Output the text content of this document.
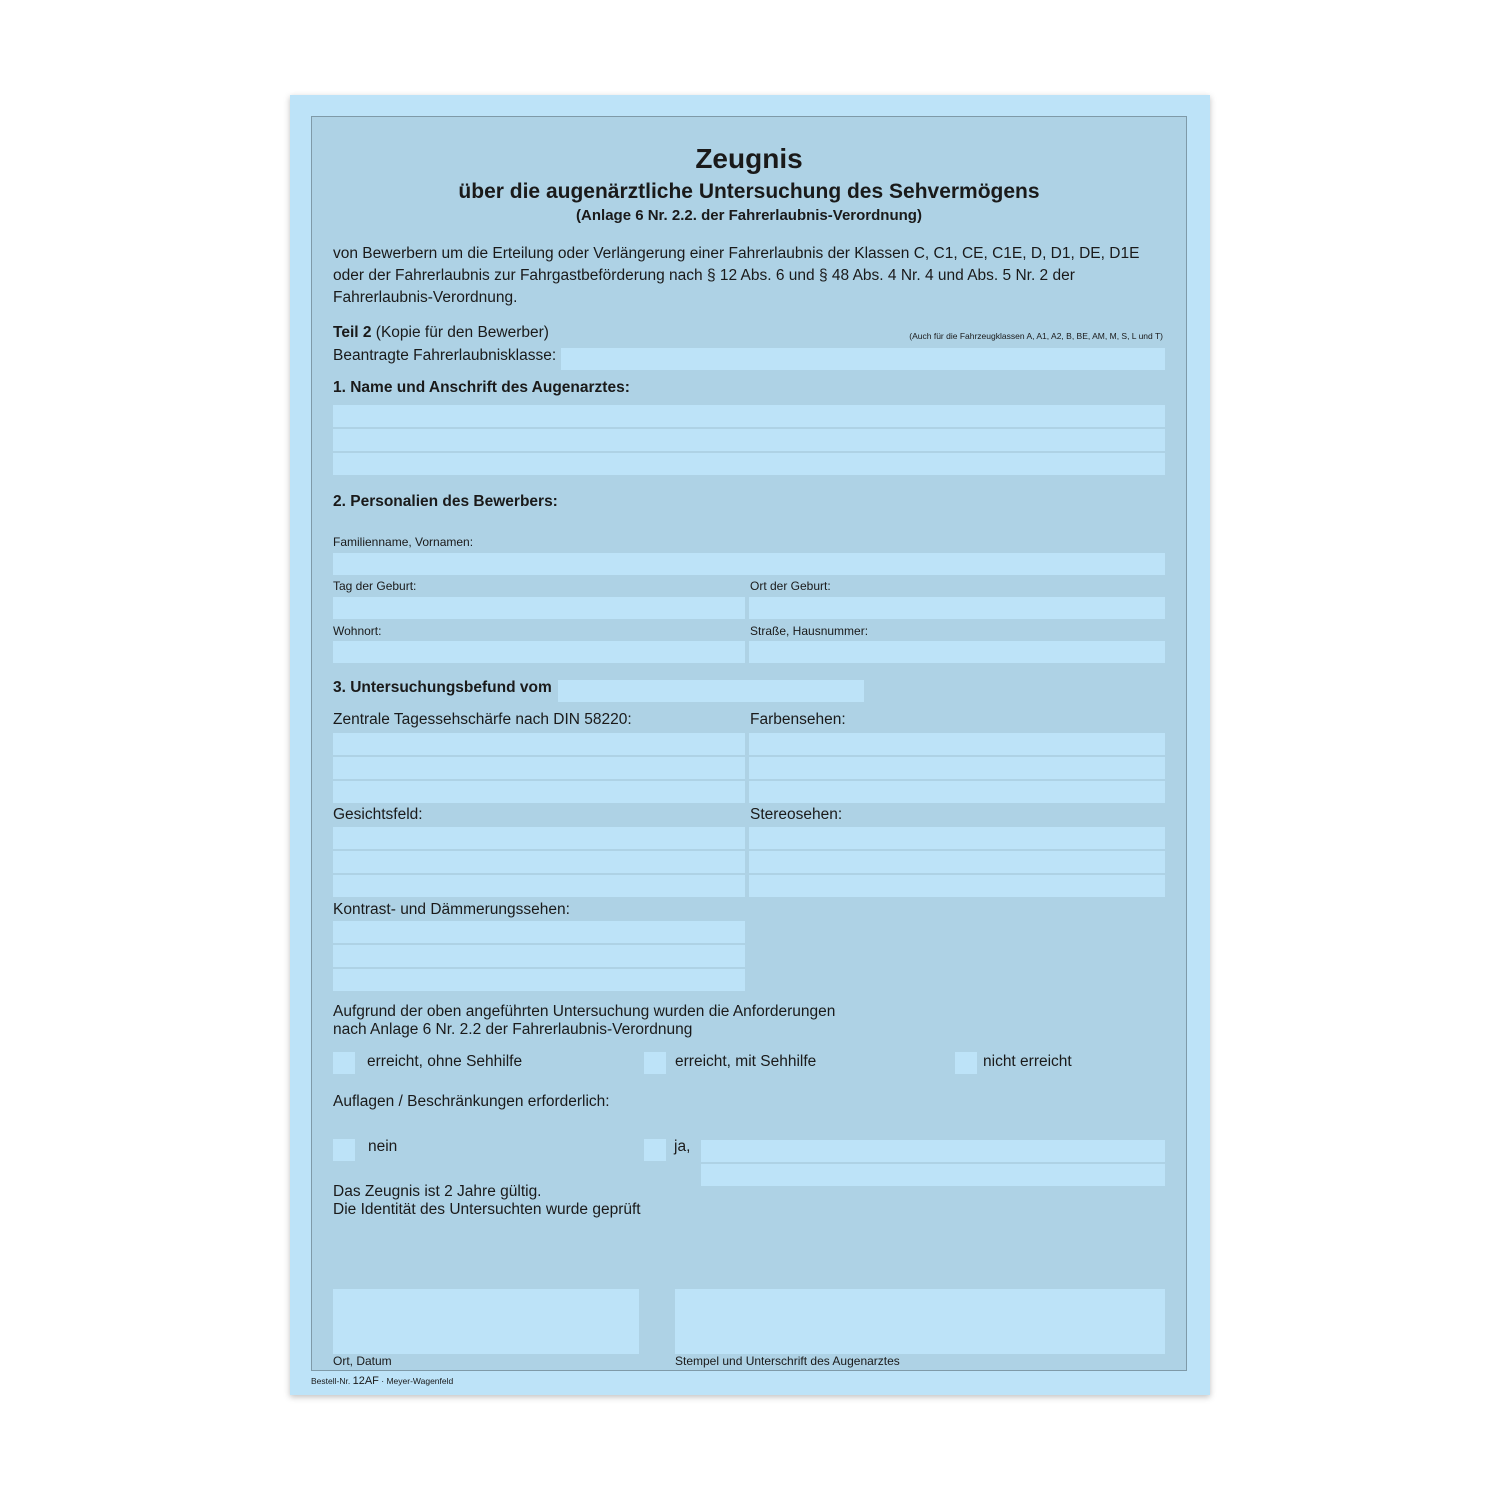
Zeugnis
über die augenärztliche Untersuchung des Sehvermögens
(Anlage 6 Nr. 2.2. der Fahrerlaubnis-Verordnung)
von Bewerbern um die Erteilung oder Verlängerung einer Fahrerlaubnis der Klassen C, C1, CE, C1E, D, D1, DE, D1E oder der Fahrerlaubnis zur Fahrgastbeförderung nach § 12 Abs. 6 und § 48 Abs. 4 Nr. 4 und Abs. 5 Nr. 2 der Fahrerlaubnis-Verordnung.
Teil 2 (Kopie für den Bewerber)	(Auch für die Fahrzeugklassen A, A1, A2, B, BE, AM, M, S, L und T)
Beantragte Fahrerlaubnisklasse:
1. Name und Anschrift des Augenarztes:
2. Personalien des Bewerbers:
Familienname, Vornamen:
Tag der Geburt:	Ort der Geburt:
Wohnort:	Straße, Hausnummer:
3. Untersuchungsbefund vom
Zentrale Tagessehschärfe nach DIN 58220:	Farbensehen:
Gesichtsfeld:	Stereosehen:
Kontrast- und Dämmerungssehen:
Aufgrund der oben angeführten Untersuchung wurden die Anforderungen
nach Anlage 6 Nr. 2.2 der Fahrerlaubnis-Verordnung
erreicht, ohne Sehhilfe	erreicht, mit Sehhilfe	nicht erreicht
Auflagen / Beschränkungen erforderlich:
nein	ja,
Das Zeugnis ist 2 Jahre gültig.
Die Identität des Untersuchten wurde geprüft
Ort, Datum	Stempel und Unterschrift des Augenarztes
Bestell-Nr. 12AF · Meyer-Wagenfeld
